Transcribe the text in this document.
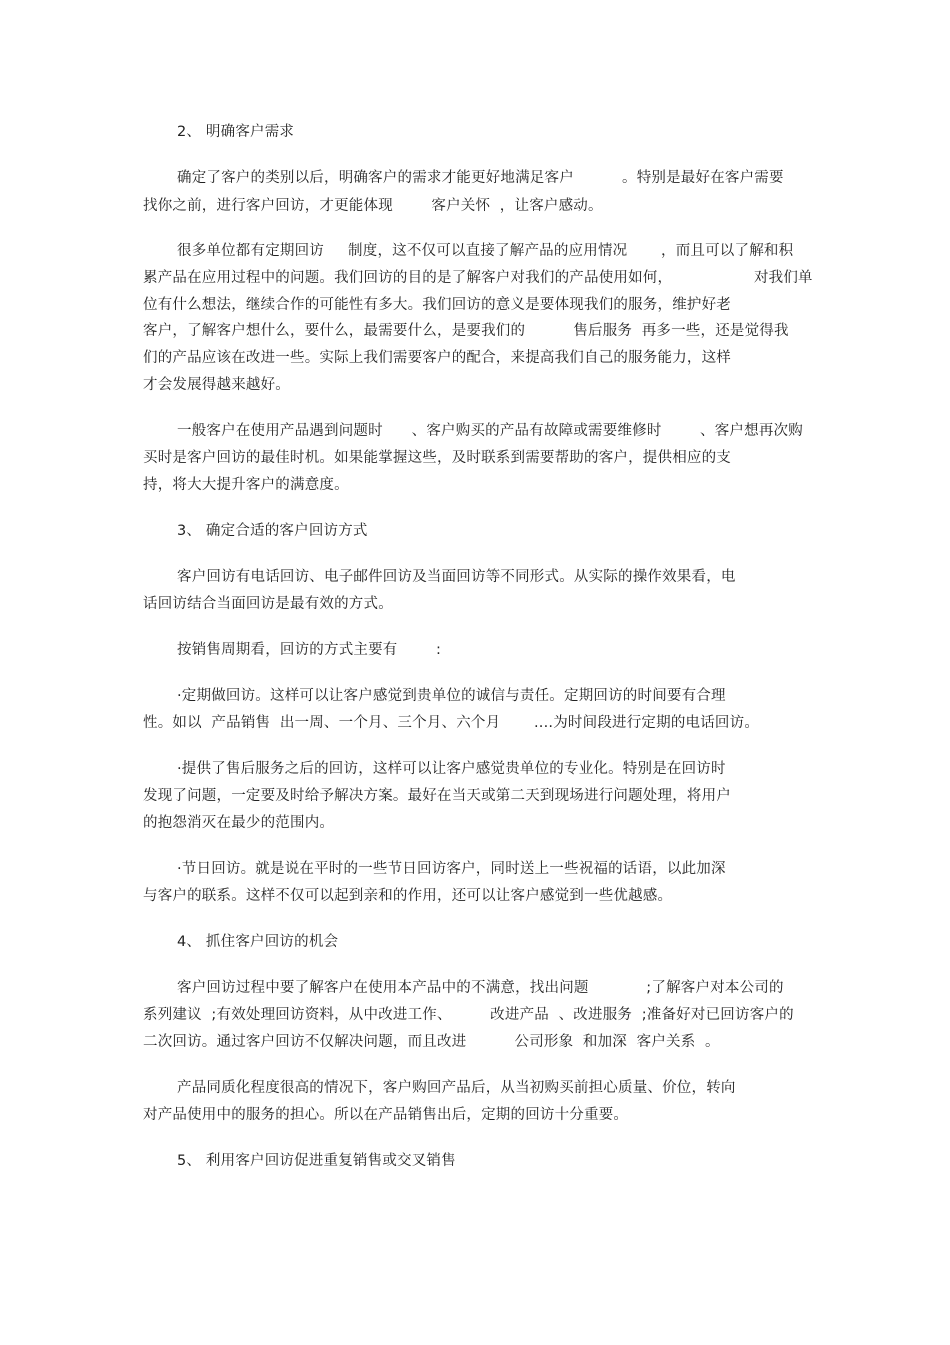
2、 明确客户需求
确定了客户的类别以后，明确客户的需求才能更好地满足客户          。特别是最好在客户需要
找你之前，进行客户回访，才更能体现        客户关怀  ，让客户感动。
很多单位都有定期回访     制度，这不仅可以直接了解产品的应用情况       ，而且可以了解和积
累产品在应用过程中的问题。我们回访的目的是了解客户对我们的产品使用如何，                 对我们单
位有什么想法，继续合作的可能性有多大。我们回访的意义是要体现我们的服务，维护好老
客户，了解客户想什么，要什么，最需要什么，是要我们的          售后服务  再多一些，还是觉得我
们的产品应该在改进一些。实际上我们需要客户的配合，来提高我们自己的服务能力，这样
才会发展得越来越好。
一般客户在使用产品遇到问题时      、客户购买的产品有故障或需要维修时        、客户想再次购
买时是客户回访的最佳时机。如果能掌握这些，及时联系到需要帮助的客户，提供相应的支
持，将大大提升客户的满意度。
3、 确定合适的客户回访方式
客户回访有电话回访、电子邮件回访及当面回访等不同形式。从实际的操作效果看，电
话回访结合当面回访是最有效的方式。
按销售周期看，回访的方式主要有        :
·定期做回访。这样可以让客户感觉到贵单位的诚信与责任。定期回访的时间要有合理
性。如以  产品销售  出一周、一个月、三个月、六个月       ....为时间段进行定期的电话回访。
·提供了售后服务之后的回访，这样可以让客户感觉贵单位的专业化。特别是在回访时
发现了问题，一定要及时给予解决方案。最好在当天或第二天到现场进行问题处理，将用户
的抱怨消灭在最少的范围内。
·节日回访。就是说在平时的一些节日回访客户，同时送上一些祝福的话语，以此加深
与客户的联系。这样不仅可以起到亲和的作用，还可以让客户感觉到一些优越感。
4、 抓住客户回访的机会
客户回访过程中要了解客户在使用本产品中的不满意，找出问题            ;了解客户对本公司的
系列建议  ;有效处理回访资料，从中改进工作、        改进产品  、改进服务  ;准备好对已回访客户的
二次回访。通过客户回访不仅解决问题，而且改进          公司形象  和加深  客户关系  。
产品同质化程度很高的情况下，客户购回产品后，从当初购买前担心质量、价位，转向
对产品使用中的服务的担心。所以在产品销售出后，定期的回访十分重要。
5、 利用客户回访促进重复销售或交叉销售
